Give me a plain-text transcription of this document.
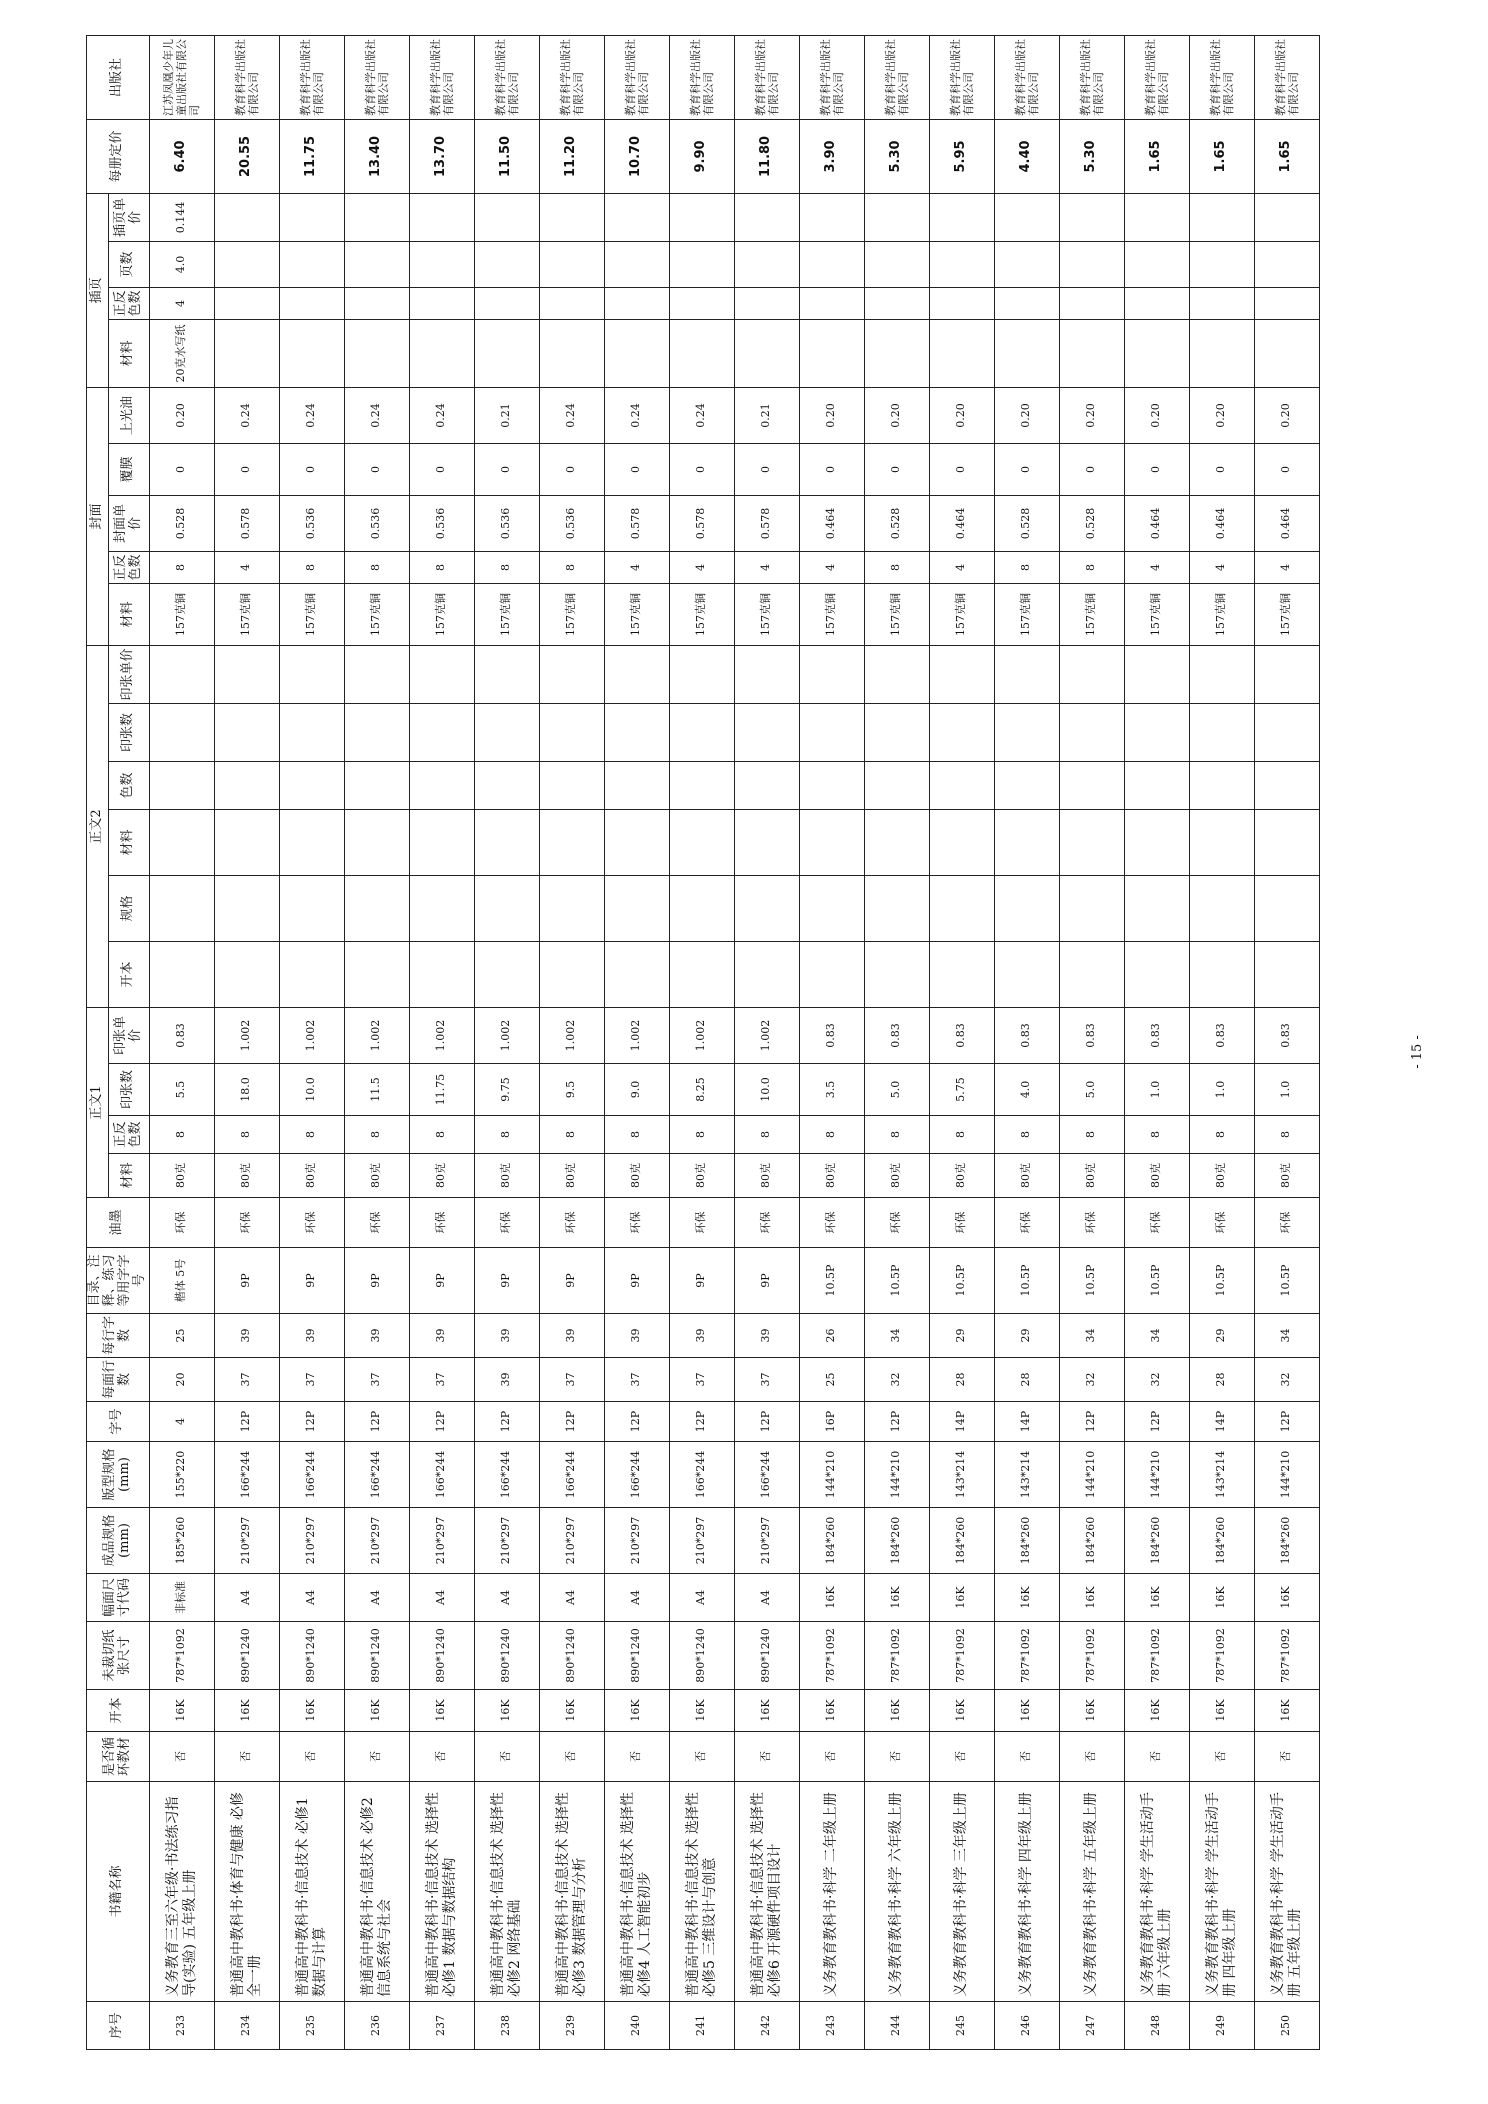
序号	书籍名称	是否循环教材	开本	未裁切纸张尺寸	幅面尺寸代码	成品规格(mm)	版型规格(mm)	字号	每面行数	每行字数	目录、注释、练习等用字字号	油墨	正文1				正文2						封面					插页				每册定价	出版社
													材料	正反色数	印张数	印张单价	开本	规格	材料	色数	印张数	印张单价	材料	正反色数	封面单价	覆膜	上光油	材料	正反色数	页数	插页单价		
233	义务教育三至六年级·书法练习指导(实验) 五年级上册	否	16K	787*1092	非标准	185*260	155*220	4	20	25	楷体 5号	环保	80克	8	5.5	0.83							157克铜	8	0.528	0	0.20	20克水写纸	4	4.0	0.144	6.40	江苏凤凰少年儿童出版社有限公司
234	普通高中教科书·体育与健康 必修 全一册	否	16K	890*1240	A4	210*297	166*244	12P	37	39	9P	环保	80克	8	18.0	1.002							157克铜	4	0.578	0	0.24					20.55	教育科学出版社有限公司
235	普通高中教科书·信息技术 必修1 数据与计算	否	16K	890*1240	A4	210*297	166*244	12P	37	39	9P	环保	80克	8	10.0	1.002							157克铜	8	0.536	0	0.24					11.75	教育科学出版社有限公司
236	普通高中教科书·信息技术 必修2 信息系统与社会	否	16K	890*1240	A4	210*297	166*244	12P	37	39	9P	环保	80克	8	11.5	1.002							157克铜	8	0.536	0	0.24					13.40	教育科学出版社有限公司
237	普通高中教科书·信息技术 选择性必修1 数据与数据结构	否	16K	890*1240	A4	210*297	166*244	12P	37	39	9P	环保	80克	8	11.75	1.002							157克铜	8	0.536	0	0.24					13.70	教育科学出版社有限公司
238	普通高中教科书·信息技术 选择性必修2 网络基础	否	16K	890*1240	A4	210*297	166*244	12P	39	39	9P	环保	80克	8	9.75	1.002							157克铜	8	0.536	0	0.21					11.50	教育科学出版社有限公司
239	普通高中教科书·信息技术 选择性必修3 数据管理与分析	否	16K	890*1240	A4	210*297	166*244	12P	37	39	9P	环保	80克	8	9.5	1.002							157克铜	8	0.536	0	0.24					11.20	教育科学出版社有限公司
240	普通高中教科书·信息技术 选择性必修4 人工智能初步	否	16K	890*1240	A4	210*297	166*244	12P	37	39	9P	环保	80克	8	9.0	1.002							157克铜	4	0.578	0	0.24					10.70	教育科学出版社有限公司
241	普通高中教科书·信息技术 选择性必修5 三维设计与创意	否	16K	890*1240	A4	210*297	166*244	12P	37	39	9P	环保	80克	8	8.25	1.002							157克铜	4	0.578	0	0.24					9.90	教育科学出版社有限公司
242	普通高中教科书·信息技术 选择性必修6 开源硬件项目设计	否	16K	890*1240	A4	210*297	166*244	12P	37	39	9P	环保	80克	8	10.0	1.002							157克铜	4	0.578	0	0.21					11.80	教育科学出版社有限公司
243	义务教育教科书·科学 二年级上册	否	16K	787*1092	16K	184*260	144*210	16P	25	26	10.5P	环保	80克	8	3.5	0.83							157克铜	4	0.464	0	0.20					3.90	教育科学出版社有限公司
244	义务教育教科书·科学 六年级上册	否	16K	787*1092	16K	184*260	144*210	12P	32	34	10.5P	环保	80克	8	5.0	0.83							157克铜	8	0.528	0	0.20					5.30	教育科学出版社有限公司
245	义务教育教科书·科学 三年级上册	否	16K	787*1092	16K	184*260	143*214	14P	28	29	10.5P	环保	80克	8	5.75	0.83							157克铜	4	0.464	0	0.20					5.95	教育科学出版社有限公司
246	义务教育教科书·科学 四年级上册	否	16K	787*1092	16K	184*260	143*214	14P	28	29	10.5P	环保	80克	8	4.0	0.83							157克铜	8	0.528	0	0.20					4.40	教育科学出版社有限公司
247	义务教育教科书·科学 五年级上册	否	16K	787*1092	16K	184*260	144*210	12P	32	34	10.5P	环保	80克	8	5.0	0.83							157克铜	8	0.528	0	0.20					5.30	教育科学出版社有限公司
248	义务教育教科书·科学 学生活动手册 六年级上册	否	16K	787*1092	16K	184*260	144*210	12P	32	34	10.5P	环保	80克	8	1.0	0.83							157克铜	4	0.464	0	0.20					1.65	教育科学出版社有限公司
249	义务教育教科书·科学 学生活动手册 四年级上册	否	16K	787*1092	16K	184*260	143*214	14P	28	29	10.5P	环保	80克	8	1.0	0.83							157克铜	4	0.464	0	0.20					1.65	教育科学出版社有限公司
250	义务教育教科书·科学 学生活动手册 五年级上册	否	16K	787*1092	16K	184*260	144*210	12P	32	34	10.5P	环保	80克	8	1.0	0.83							157克铜	4	0.464	0	0.20					1.65	教育科学出版社有限公司
- 15 -
